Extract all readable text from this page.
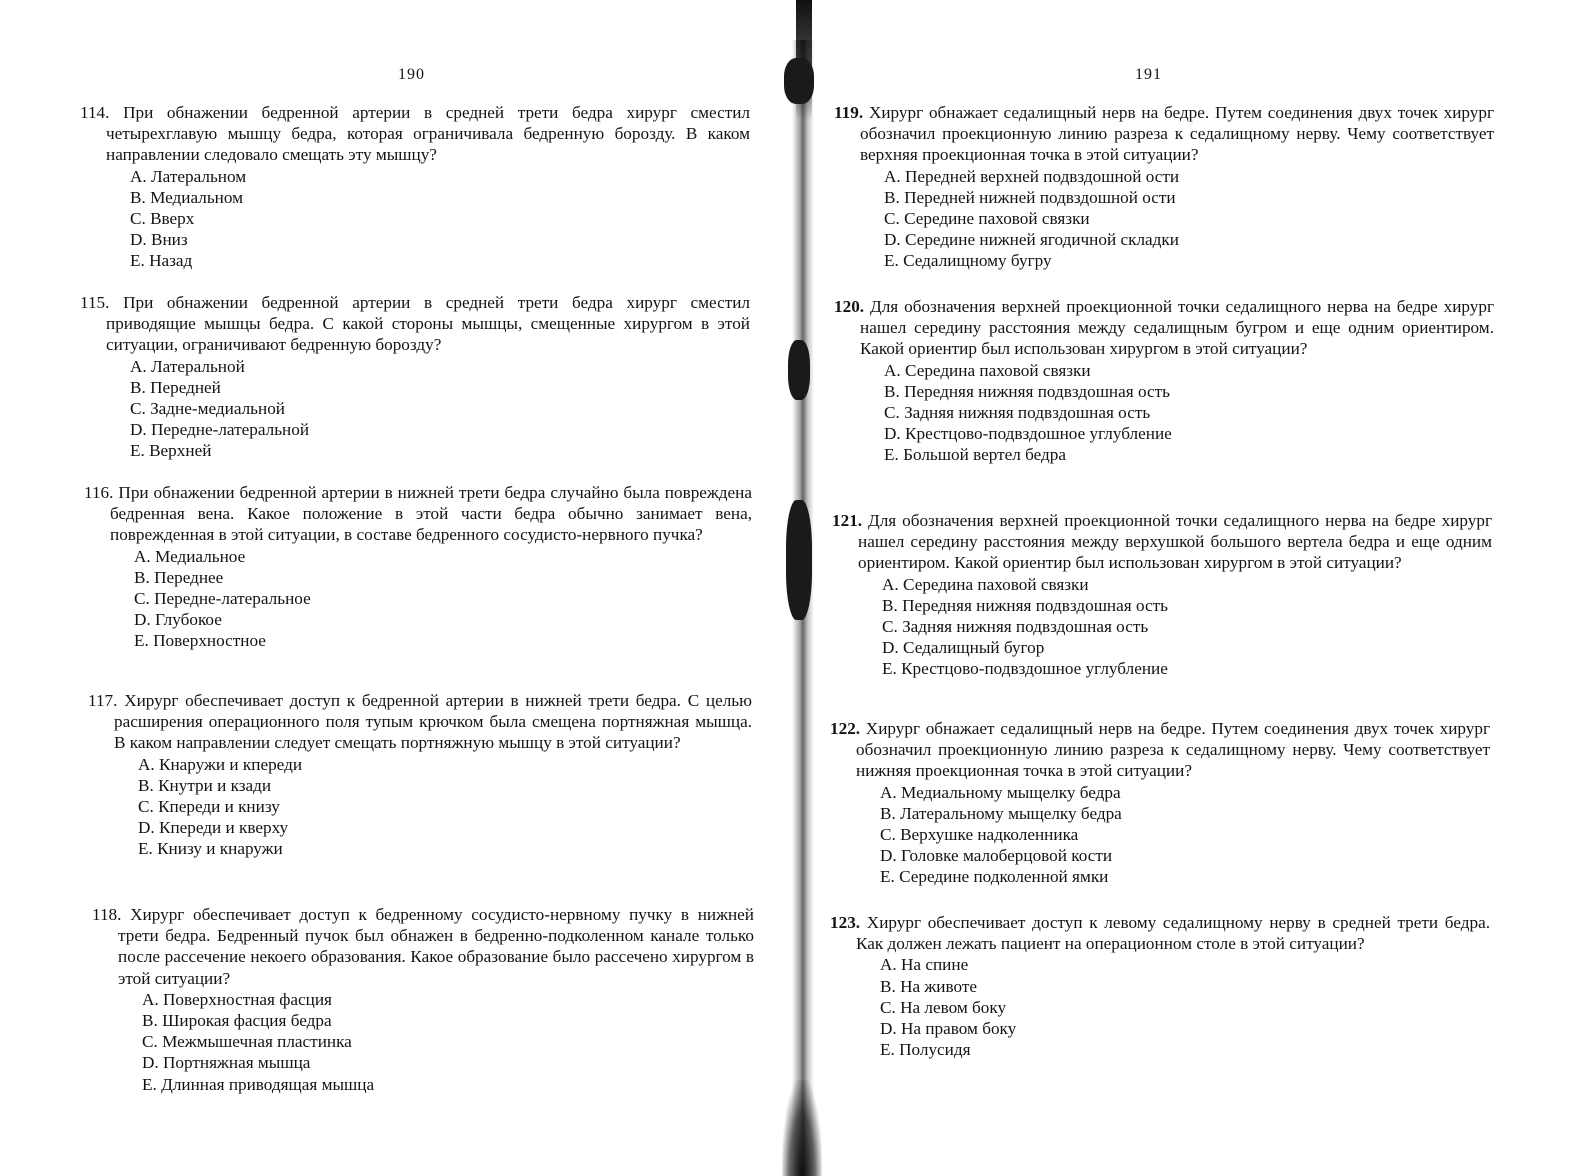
190
114. При обнажении бедренной артерии в средней трети бедра хирург сместил четырехглавую мышцу бедра, которая ограничивала бедренную борозду. В каком направлении следовало смещать эту мышцу?
A. Латеральном
B. Медиальном
C. Вверх
D. Вниз
E. Назад
115. При обнажении бедренной артерии в средней трети бедра хирург сместил приводящие мышцы бедра. С какой стороны мышцы, смещенные хирургом в этой ситуации, ограничивают бедренную борозду?
A. Латеральной
B. Передней
C. Задне-медиальной
D. Передне-латеральной
E. Верхней
116. При обнажении бедренной артерии в нижней трети бедра случайно была повреждена бедренная вена. Какое положение в этой части бедра обычно занимает вена, поврежденная в этой ситуации, в составе бедренного сосудисто-нервного пучка?
A. Медиальное
B. Переднее
C. Передне-латеральное
D. Глубокое
E. Поверхностное
117. Хирург обеспечивает доступ к бедренной артерии в нижней трети бедра. С целью расширения операционного поля тупым крючком была смещена портняжная мышца. В каком направлении следует смещать портняжную мышцу в этой ситуации?
A. Кнаружи и кпереди
B. Кнутри и кзади
C. Кпереди и книзу
D. Кпереди и кверху
E. Книзу и кнаружи
118. Хирург обеспечивает доступ к бедренному сосудисто-нервному пучку в нижней трети бедра. Бедренный пучок был обнажен в бедренно-подколенном канале только после рассечение некоего образования. Какое образование было рассечено хирургом в этой ситуации?
A. Поверхностная фасция
B. Широкая фасция бедра
C. Межмышечная пластинка
D. Портняжная мышца
E. Длинная приводящая мышца
191
119. Хирург обнажает седалищный нерв на бедре. Путем соединения двух точек хирург обозначил проекционную линию разреза к седалищному нерву. Чему соответствует верхняя проекционная точка в этой ситуации?
A. Передней верхней подвздошной ости
B. Передней нижней подвздошной ости
C. Середине паховой связки
D. Середине нижней ягодичной складки
E. Седалищному бугру
120. Для обозначения верхней проекционной точки седалищного нерва на бедре хирург нашел середину расстояния между седалищным бугром и еще одним ориентиром. Какой ориентир был использован хирургом в этой ситуации?
A. Середина паховой связки
B. Передняя нижняя подвздошная ость
C. Задняя нижняя подвздошная ость
D. Крестцово-подвздошное углубление
E. Большой вертел бедра
121. Для обозначения верхней проекционной точки седалищного нерва на бедре хирург нашел середину расстояния между верхушкой большого вертела бедра и еще одним ориентиром. Какой ориентир был использован хирургом в этой ситуации?
A. Середина паховой связки
B. Передняя нижняя подвздошная ость
C. Задняя нижняя подвздошная ость
D. Седалищный бугор
E. Крестцово-подвздошное углубление
122. Хирург обнажает седалищный нерв на бедре. Путем соединения двух точек хирург обозначил проекционную линию разреза к седалищному нерву. Чему соответствует нижняя проекционная точка в этой ситуации?
A. Медиальному мыщелку бедра
B. Латеральному мыщелку бедра
C. Верхушке надколенника
D. Головке малоберцовой кости
E. Середине подколенной ямки
123. Хирург обеспечивает доступ к левому седалищному нерву в средней трети бедра. Как должен лежать пациент на операционном столе в этой ситуации?
A. На спине
B. На животе
C. На левом боку
D. На правом боку
E. Полусидя
